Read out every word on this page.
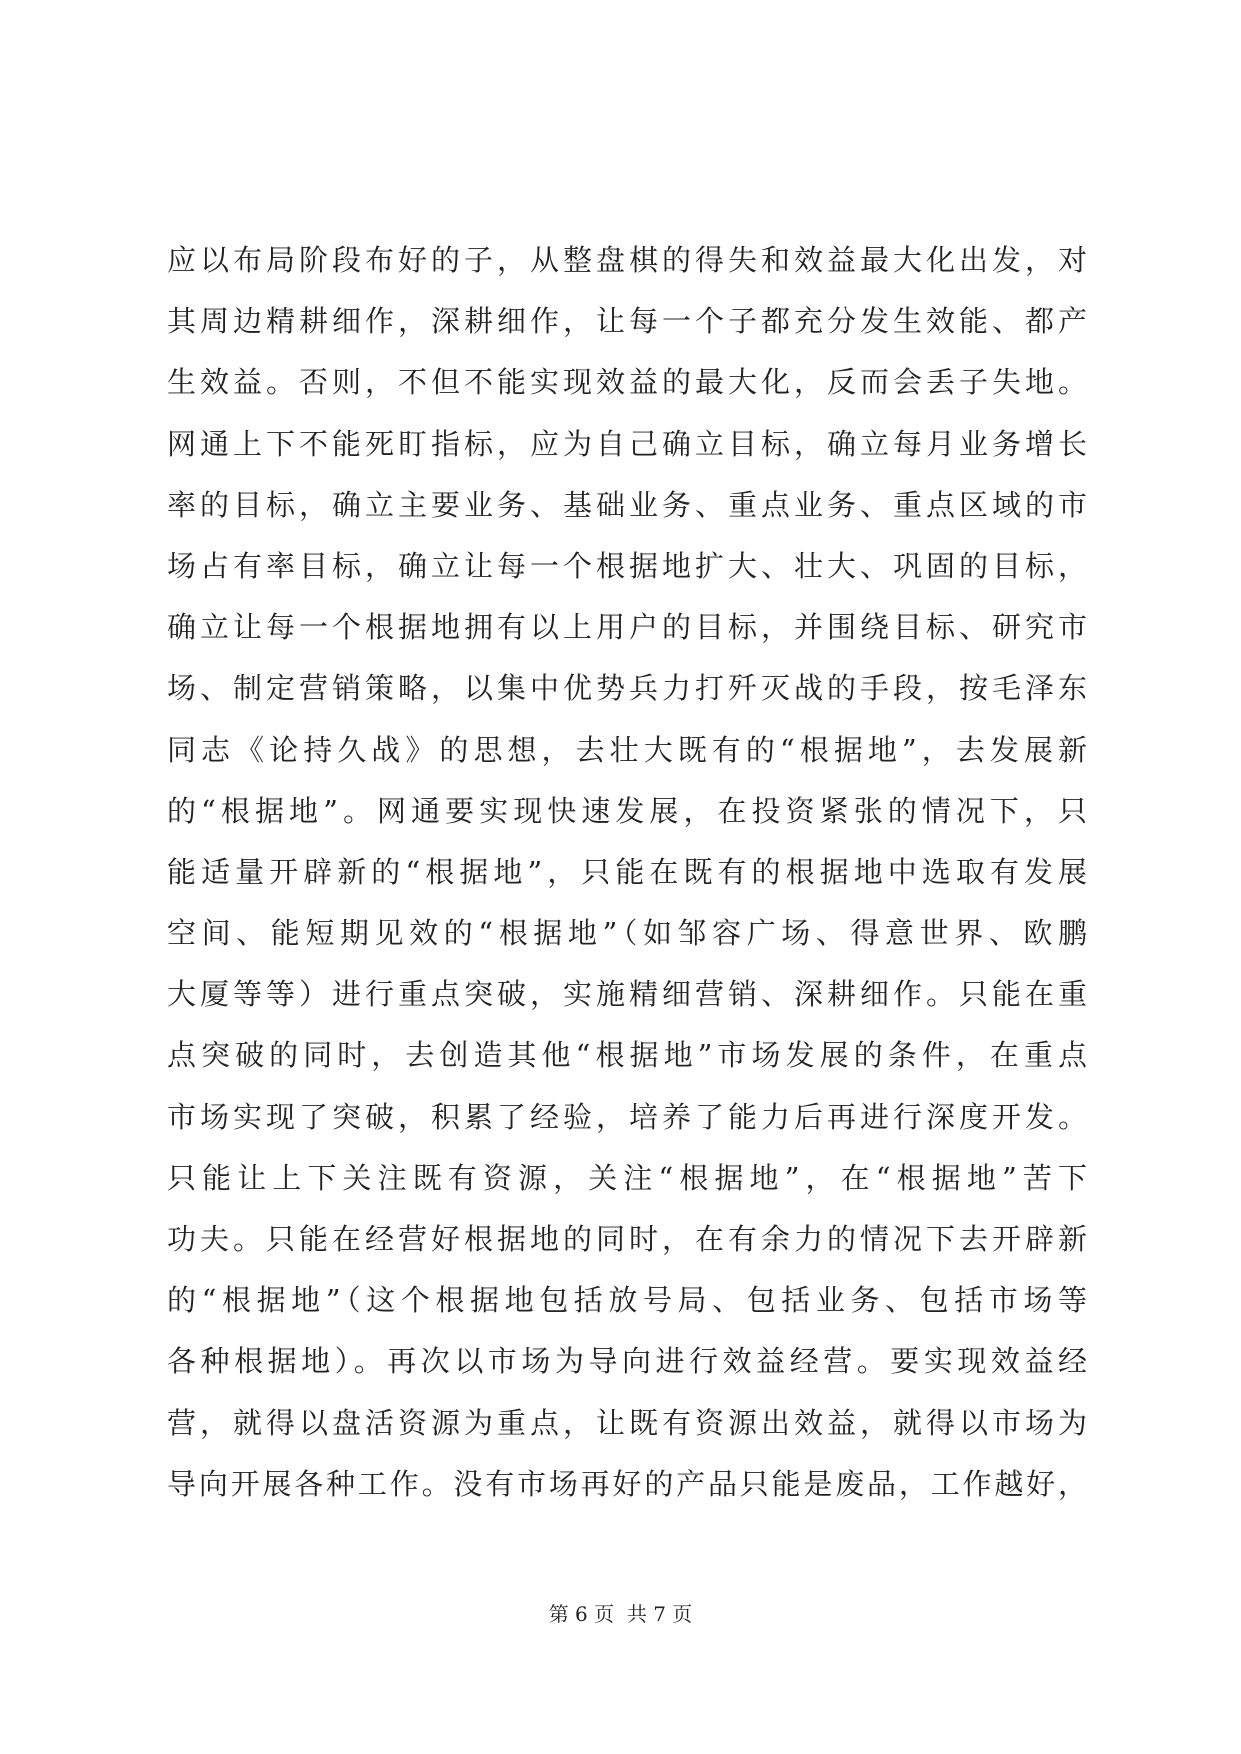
应以布局阶段布好的子，从整盘棋的得失和效益最大化出发，对
其周边精耕细作，深耕细作，让每一个子都充分发生效能、都产
生效益。否则，不但不能实现效益的最大化，反而会丢子失地。
网通上下不能死盯指标，应为自己确立目标，确立每月业务增长
率的目标，确立主要业务、基础业务、重点业务、重点区域的市
场占有率目标，确立让每一个根据地扩大、壮大、巩固的目标，
确立让每一个根据地拥有以上用户的目标，并围绕目标、研究市
场、制定营销策略，以集中优势兵力打歼灭战的手段，按毛泽东
同志《论持久战》的思想，去壮大既有的“根据地”，去发展新
的“根据地”。网通要实现快速发展，在投资紧张的情况下，只
能适量开辟新的“根据地”，只能在既有的根据地中选取有发展
空间、能短期见效的“根据地”（如邹容广场、得意世界、欧鹏
大厦等等）进行重点突破，实施精细营销、深耕细作。只能在重
点突破的同时，去创造其他“根据地”市场发展的条件，在重点
市场实现了突破，积累了经验，培养了能力后再进行深度开发。
只能让上下关注既有资源，关注“根据地”，在“根据地”苦下
功夫。只能在经营好根据地的同时，在有余力的情况下去开辟新
的“根据地”（这个根据地包括放号局、包括业务、包括市场等
各种根据地）。再次以市场为导向进行效益经营。要实现效益经
营，就得以盘活资源为重点，让既有资源出效益，就得以市场为
导向开展各种工作。没有市场再好的产品只能是废品，工作越好，
第 6 页  共 7 页
